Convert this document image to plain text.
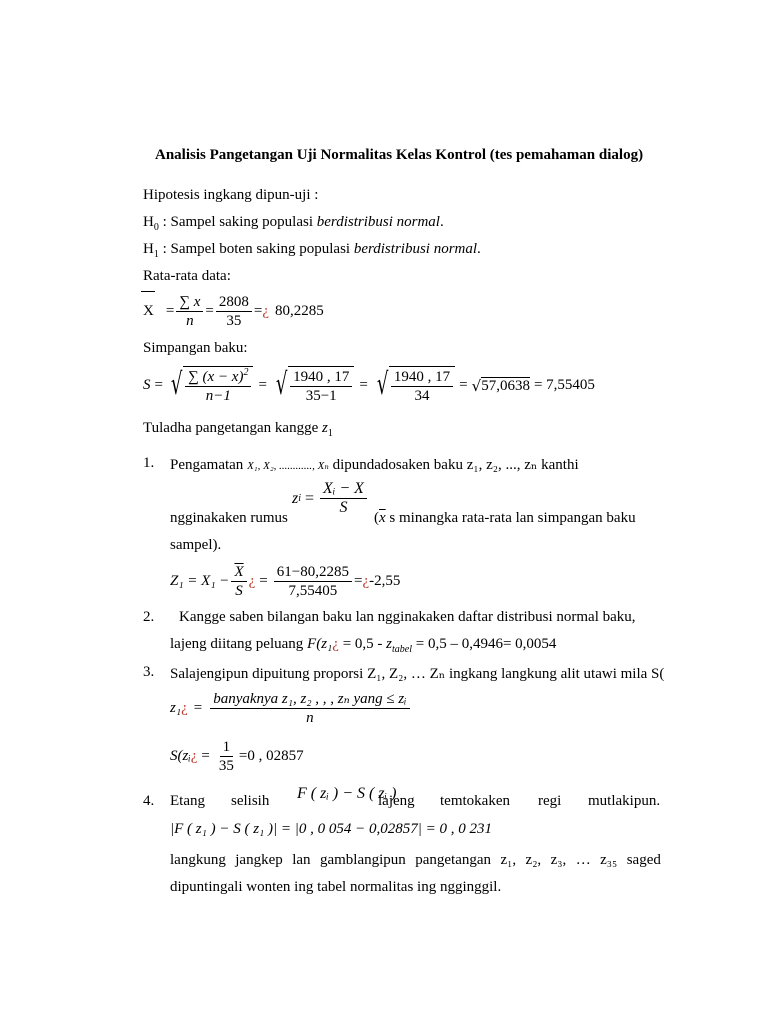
Analisis Pangetangan Uji Normalitas Kelas Kontrol (tes pemahaman dialog)
Hipotesis ingkang dipun-uji :
$H_0$ : Sampel saking populasi berdistribusi normal.
$H_1$ : Sampel boten saking populasi berdistribusi normal.
Rata-rata data:
$X = \frac{\sum x}{n} = \frac{2808}{35}$ = ¿ 80,2285
Simpangan baku:
S = √ $\frac{\sum (x - x)^2}{n-1}$ = √ $\frac{1940 , 17}{35-1}$ = √ $\frac{1940 , 17}{34}$ = √ 57,0638 = 7,55405
Tuladha pangetangan kangge $z_1$
1. Pengamatan X₁, X₂, ............, Xₙ dipundadosaken baku z₁, z₂, ..., zₙ kanthi
z $i = \frac{\text{Xᵢ − X}}{S}$
ngginakaken rumus	($\overline{x}$ s minangka rata-rata lan simpangan baku
sampel).
$Z_1 = X_1 - \frac{\overline{X}}{S}$ ¿ = $\frac{61-80,2285}{7,55405}$ = ¿ -2,55
2. Kangge saben bilangan baku lan ngginakaken daftar distribusi normal baku,
lajeng diitang peluang F(z₁¿ = $0,5 - z_{tabel} = 0,5 - 0,4946= 0,0054$
3. Salajengipun dipuitung proporsi Z₁, Z₂, … Zₙ ingkang langkung alit utawi mila S(
z₁ ¿ = $\frac{\text{banyaknya z₁, z₂ , , , zₙ yang ≤ zᵢ}}{n}$
S(zᵢ ¿ = $\frac{1}{35} =0$ , 02857
4. Etang selisih F ( zᵢ ) − S ( zᵢ )
lajeng temtokaken regi mutlakipun.
|F ( z₁ ) − S ( z₁ )| = |0 , 0 054 − 0,02857| = 0 , 0 231
langkung jangkep lan gamblangipun pangetangan z₁, z₂, z₃, … z₃₅ saged
dipuntingali wonten ing tabel normalitas ing ngginggil.
